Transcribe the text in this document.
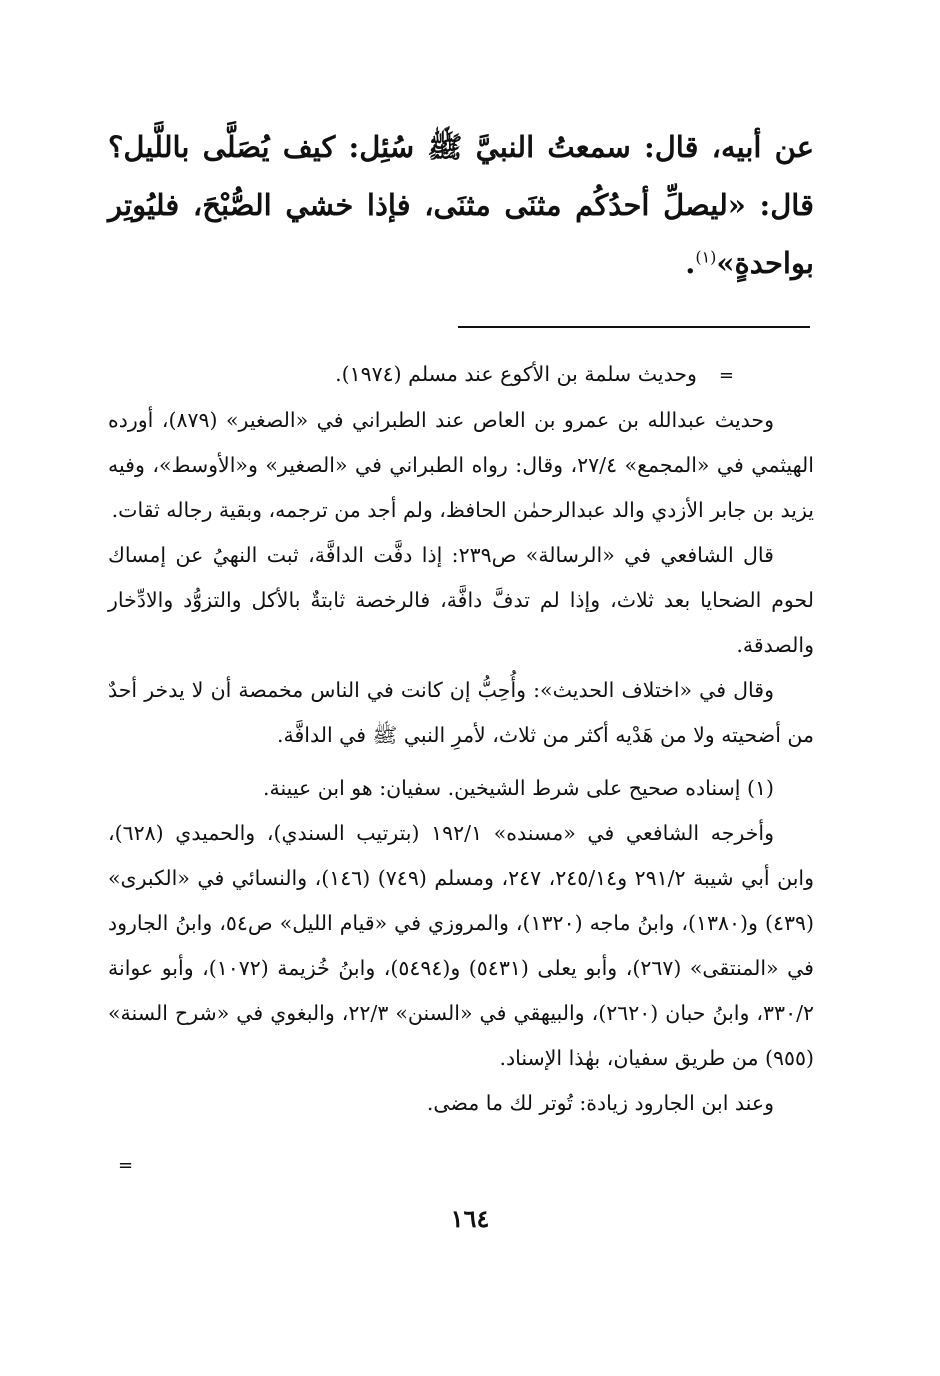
عن أبيه، قال: سمعتُ النبيَّ ﷺ سُئِل: كيف يُصَلَّى باللَّيل؟ قال: «ليصلِّ أحدُكُم مثنَى مثنَى، فإذا خشي الصُّبْحَ، فليُوتِر بواحدةٍ»$^{(١)}$.

=وحديث سلمة بن الأكوع عند مسلم (١٩٧٤).

وحديث عبدالله بن عمرو بن العاص عند الطبراني في «الصغير» (٨٧٩)، أورده الهيثمي في «المجمع» ٢٧/٤، وقال: رواه الطبراني في «الصغير» و«الأوسط»، وفيه يزيد بن جابر الأزدي والد عبدالرحمٰن الحافظ، ولم أجد من ترجمه، وبقية رجاله ثقات.

قال الشافعي في «الرسالة» ص٢٣٩: إذا دفَّت الدافَّة، ثبت النهيُ عن إمساك لحوم الضحايا بعد ثلاث، وإذا لم تدفَّ دافَّة، فالرخصة ثابتةٌ بالأكل والتزوُّد والادِّخار والصدقة.

وقال في «اختلاف الحديث»: وأُحِبُّ إن كانت في الناس مخمصة أن لا يدخر أحدٌ من أضحيته ولا من هَدْيه أكثر من ثلاث، لأمرِ النبي ﷺ في الدافَّة.

(١) إسناده صحيح على شرط الشيخين. سفيان: هو ابن عيينة.

وأخرجه الشافعي في «مسنده» ١٩٢/١ (بترتيب السندي)، والحميدي (٦٢٨)، وابن أبي شيبة ٢٩١/٢ و٢٤٥/١٤، ٢٤٧، ومسلم (٧٤٩) (١٤٦)، والنسائي في «الكبرى» (٤٣٩) و(١٣٨٠)، وابنُ ماجه (١٣٢٠)، والمروزي في «قيام الليل» ص٥٤، وابنُ الجارود في «المنتقى» (٢٦٧)، وأبو يعلى (٥٤٣١) و(٥٤٩٤)، وابنُ خُزيمة (١٠٧٢)، وأبو عوانة ٣٣٠/٢، وابنُ حبان (٢٦٢٠)، والبيهقي في «السنن» ٢٢/٣، والبغوي في «شرح السنة» (٩٥٥) من طريق سفيان، بهٰذا الإسناد.

وعند ابن الجارود زيادة: تُوتر لك ما مضى.

=
١٦٤
